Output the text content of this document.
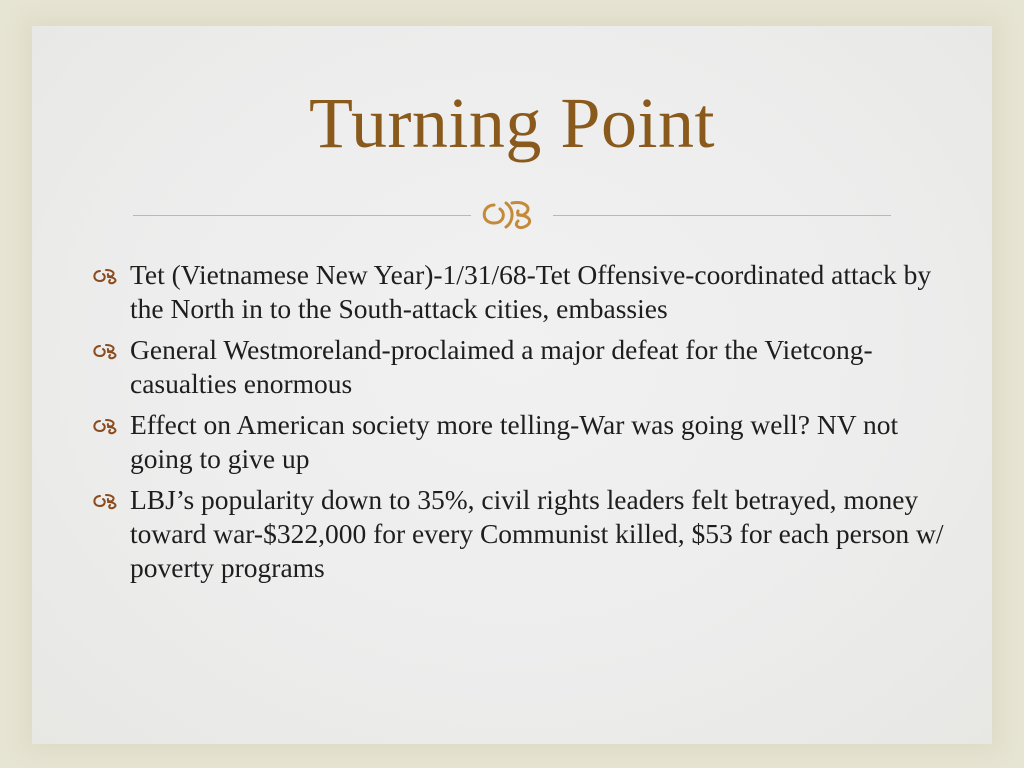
Turning Point
Tet (Vietnamese New Year)-1/31/68-Tet Offensive-coordinated attack by the North in to the South-attack cities, embassies
General Westmoreland-proclaimed a major defeat for the Vietcong-casualties enormous
Effect on American society more telling-War was going well? NV not going to give up
LBJ’s popularity down to 35%, civil rights leaders felt betrayed, money toward war-$322,000 for every Communist killed, $53 for each person w/ poverty programs
